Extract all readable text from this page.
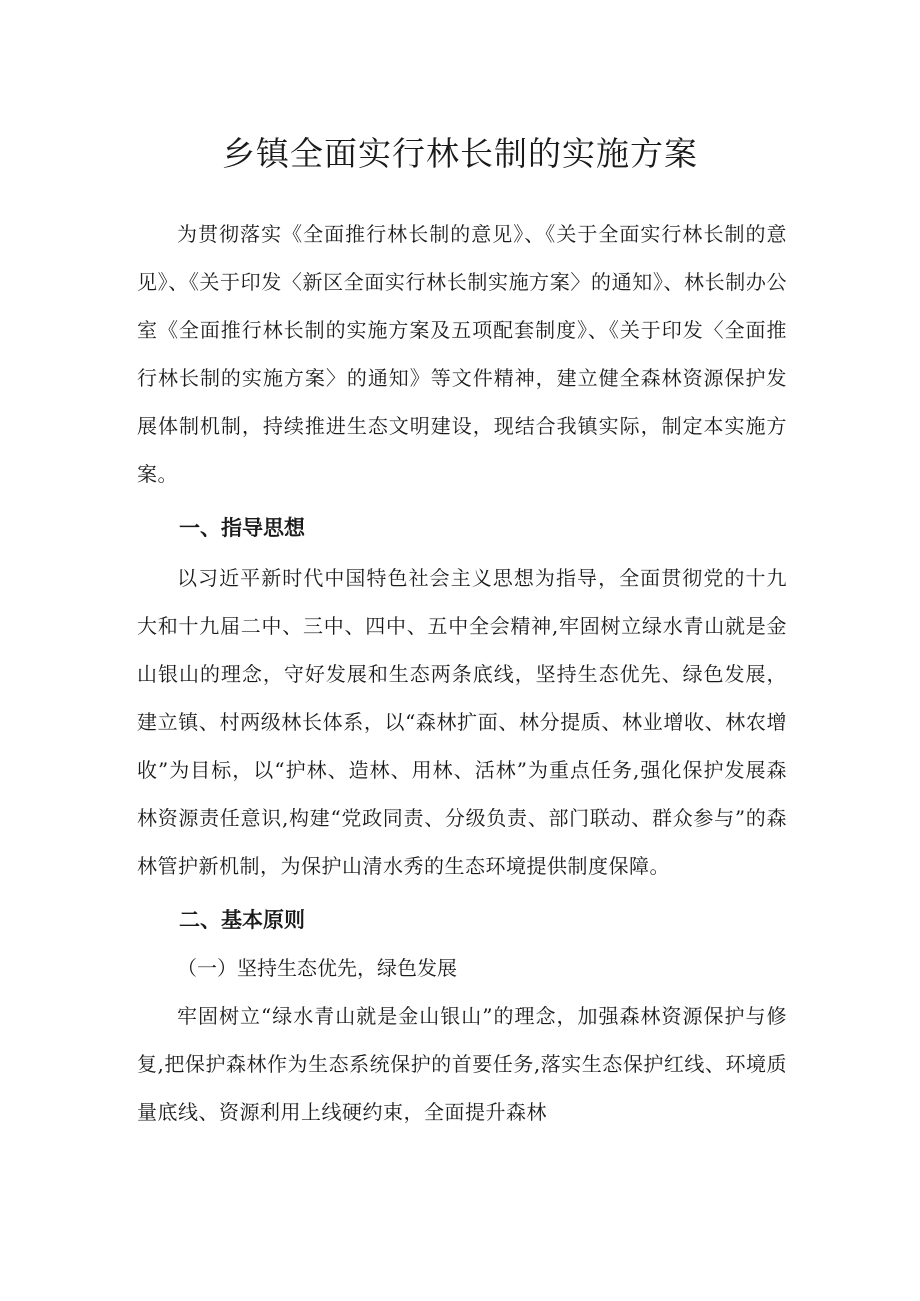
乡镇全面实行林长制的实施方案

为贯彻落实《全面推行林长制的意见》、《关于全面实行林长制的意见》、《关于印发〈新区全面实行林长制实施方案〉的通知》、林长制办公室《全面推行林长制的实施方案及五项配套制度》、《关于印发〈全面推行林长制的实施方案〉的通知》等文件精神，建立健全森林资源保护发展体制机制，持续推进生态文明建设，现结合我镇实际，制定本实施方案。

一、指导思想

以习近平新时代中国特色社会主义思想为指导，全面贯彻党的十九大和十九届二中、三中、四中、五中全会精神,牢固树立绿水青山就是金山银山的理念，守好发展和生态两条底线，坚持生态优先、绿色发展，建立镇、村两级林长体系，以“森林扩面、林分提质、林业增收、林农增收”为目标，以“护林、造林、用林、活林”为重点任务,强化保护发展森林资源责任意识,构建“党政同责、分级负责、部门联动、群众参与”的森林管护新机制，为保护山清水秀的生态环境提供制度保障。

二、基本原则

（一）坚持生态优先，绿色发展

牢固树立“绿水青山就是金山银山”的理念，加强森林资源保护与修复,把保护森林作为生态系统保护的首要任务,落实生态保护红线、环境质量底线、资源利用上线硬约束，全面提升森林
